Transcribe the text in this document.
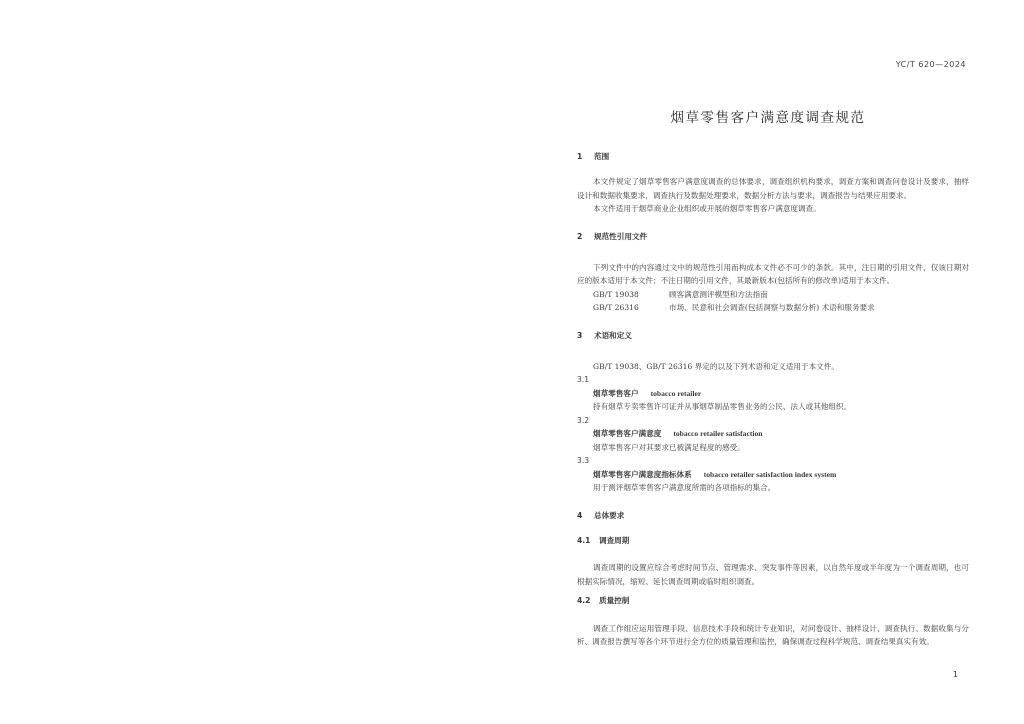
YC/T 620—2024
烟草零售客户满意度调查规范
1 范围

本文件规定了烟草零售客户满意度调查的总体要求，调查组织机构要求，调查方案和调查问卷设计及要求，抽样设计和数据收集要求，调查执行及数据处理要求，数据分析方法与要求，调查报告与结果应用要求。

本文件适用于烟草商业企业组织或开展的烟草零售客户满意度调查。

2 规范性引用文件

下列文件中的内容通过文中的规范性引用而构成本文件必不可少的条款。其中，注日期的引用文件，仅该日期对应的版本适用于本文件；不注日期的引用文件，其最新版本(包括所有的修改单)适用于本文件。

GB/T 19038	顾客满意测评模型和方法指南

GB/T 26316	市场、民意和社会调查(包括洞察与数据分析) 术语和服务要求

3 术语和定义

GB/T 19038、GB/T 26316 界定的以及下列术语和定义适用于本文件。

3.1

烟草零售客户 tobacco retailer

持有烟草专卖零售许可证并从事烟草制品零售业务的公民、法人或其他组织。

3.2

烟草零售客户满意度 tobacco retailer satisfaction

烟草零售客户对其要求已被满足程度的感受。

3.3

烟草零售客户满意度指标体系 tobacco retailer satisfaction index system

用于测评烟草零售客户满意度所需的各项指标的集合。

4 总体要求
4.1 调查周期

调查周期的设置应综合考虑时间节点、管理需求、突发事件等因素，以自然年度或半年度为一个调查周期，也可根据实际情况，缩短、延长调查周期或临时组织调查。

4.2 质量控制

调查工作组应运用管理手段、信息技术手段和统计专业知识，对问卷设计、抽样设计、调查执行、数据收集与分析、调查报告撰写等各个环节进行全方位的质量管理和监控，确保调查过程科学规范、调查结果真实有效。

1
